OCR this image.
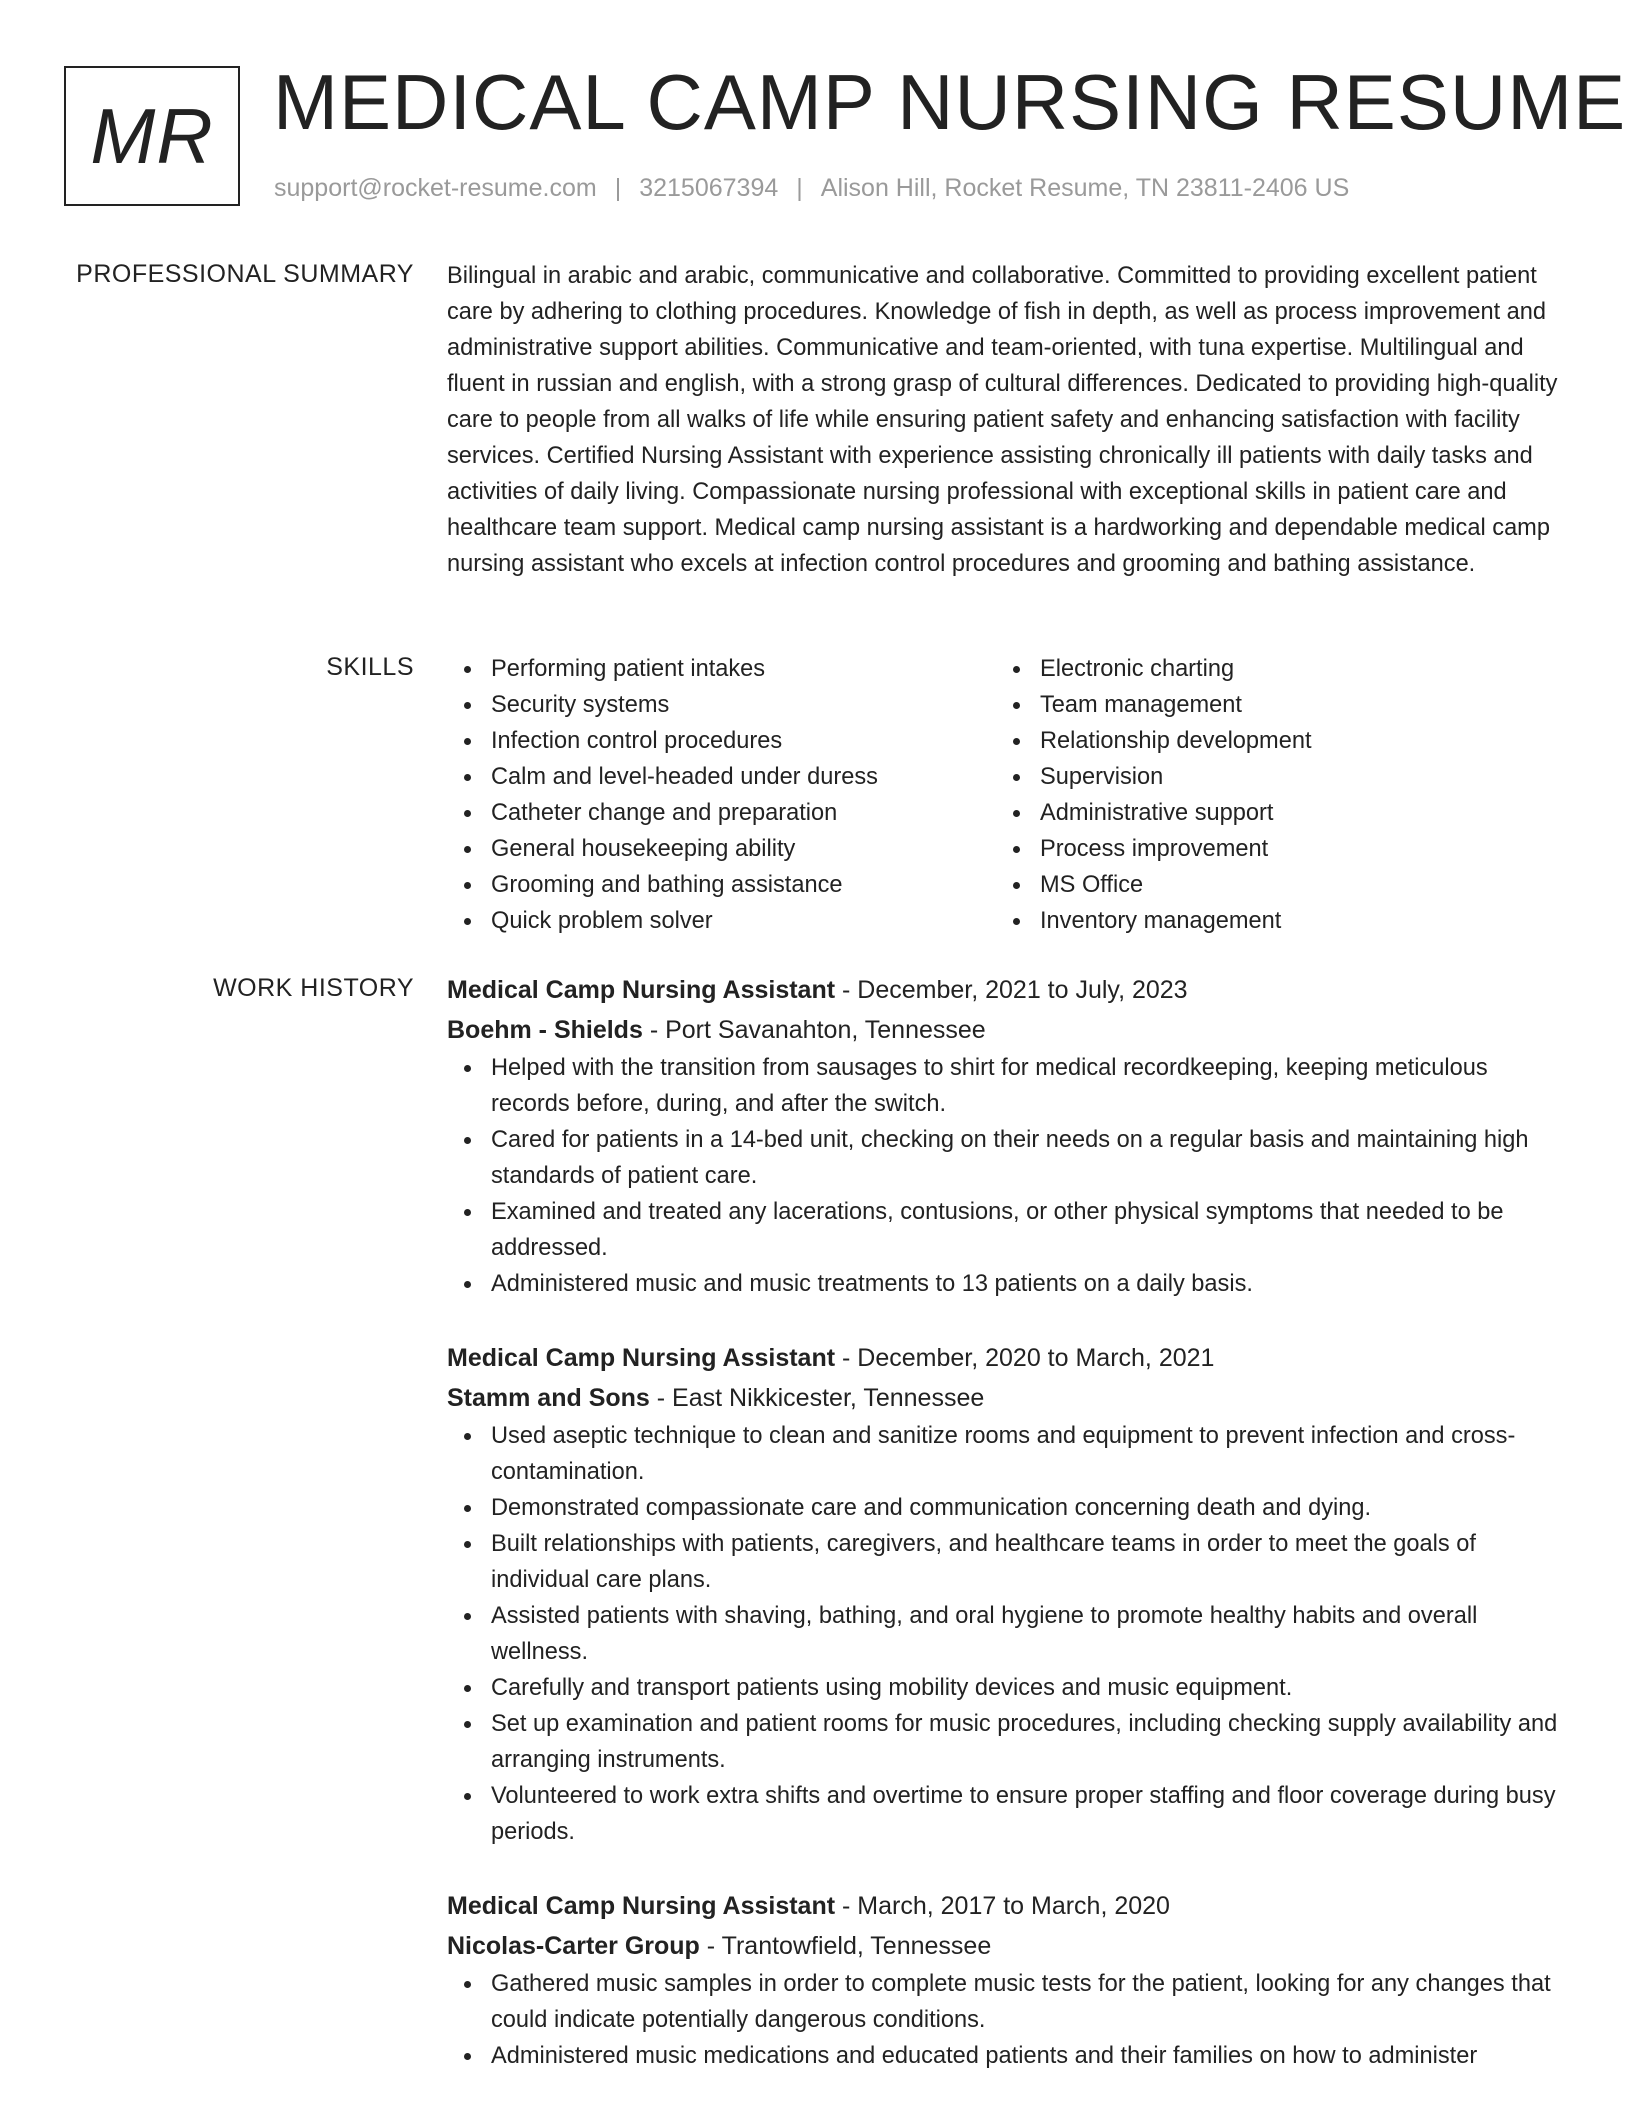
MR MEDICAL CAMP NURSING RESUME
support@rocket-resume.com | 3215067394 | Alison Hill, Rocket Resume, TN 23811-2406 US
PROFESSIONAL SUMMARY Bilingual in arabic and arabic, communicative and collaborative. Committed to providing excellent patient care by adhering to clothing procedures. Knowledge of fish in depth, as well as process improvement and administrative support abilities. Communicative and team-oriented, with tuna expertise. Multilingual and fluent in russian and english, with a strong grasp of cultural differences. Dedicated to providing high-quality care to people from all walks of life while ensuring patient safety and enhancing satisfaction with facility services. Certified Nursing Assistant with experience assisting chronically ill patients with daily tasks and activities of daily living. Compassionate nursing professional with exceptional skills in patient care and healthcare team support. Medical camp nursing assistant is a hardworking and dependable medical camp nursing assistant who excels at infection control procedures and grooming and bathing assistance.

SKILLS	Performing patient intakes
Security systems
Infection control procedures
Calm and level-headed under duress
Catheter change and preparation
General housekeeping ability
Grooming and bathing assistance
Quick problem solver
Electronic charting
Team management
Relationship development
Supervision
Administrative support
Process improvement
MS Office
Inventory management
WORK HISTORY Medical Camp Nursing Assistant - December, 2021 to July, 2023
Boehm - Shields - Port Savanahton, Tennessee
Helped with the transition from sausages to shirt for medical recordkeeping, keeping meticulous records before, during, and after the switch.
Cared for patients in a 14-bed unit, checking on their needs on a regular basis and maintaining high standards of patient care.
Examined and treated any lacerations, contusions, or other physical symptoms that needed to be addressed.
Administered music and music treatments to 13 patients on a daily basis.
Medical Camp Nursing Assistant - December, 2020 to March, 2021
Stamm and Sons - East Nikkicester, Tennessee
Used aseptic technique to clean and sanitize rooms and equipment to prevent infection and cross-contamination.
Demonstrated compassionate care and communication concerning death and dying.
Built relationships with patients, caregivers, and healthcare teams in order to meet the goals of individual care plans.
Assisted patients with shaving, bathing, and oral hygiene to promote healthy habits and overall wellness.
Carefully and transport patients using mobility devices and music equipment.
Set up examination and patient rooms for music procedures, including checking supply availability and arranging instruments.
Volunteered to work extra shifts and overtime to ensure proper staffing and floor coverage during busy periods.
Medical Camp Nursing Assistant - March, 2017 to March, 2020
Nicolas-Carter Group - Trantowfield, Tennessee
Gathered music samples in order to complete music tests for the patient, looking for any changes that could indicate potentially dangerous conditions.
Administered music medications and educated patients and their families on how to administer
